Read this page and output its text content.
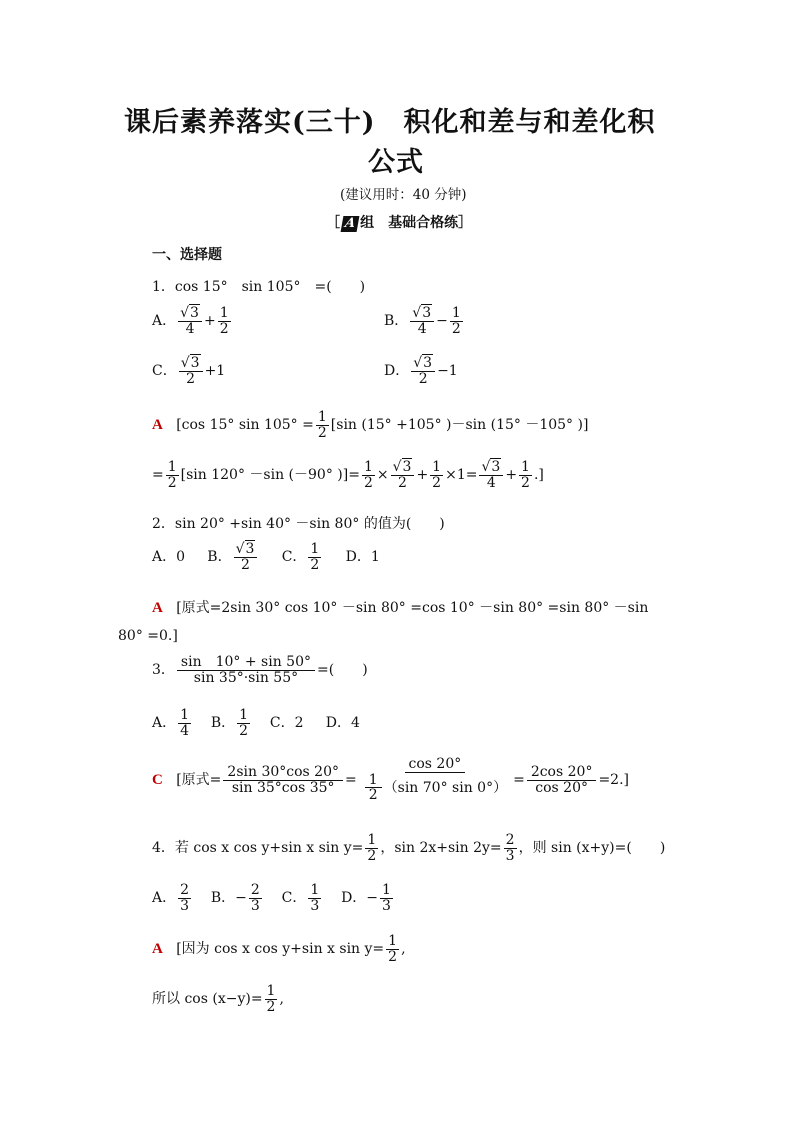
课后素养落实(三十)　积化和差与和差化积
公式
(建议用时：40 分钟)
［ A 组　基础合格练］
一、选择题
1．cos 15°　sin 105°　=(　　)
A． $\frac{√3}{4} + \frac{1}{2}$	B． $\frac{√3}{4} - \frac{1}{2}$
C． $\frac{√3}{2} +1$	D． $\frac{√3}{2} -1$
A [cos 15° $\sin 105^\circ = \frac{1}{2} [\sin$ (15° +105° )－sin (15° －105° )]
= $\frac{1}{2} [\sin$ 120° －sin (－90° )]= $\frac{1}{2} \times \frac{√3}{2} + \frac{1}{2} \times 1= \frac{√3}{4} + \frac{1}{2}$ .]
2．sin 20° +sin 40° －sin 80° 的值为(　　)
A．0 B． $\frac{√3}{2}$ C． $\frac{1}{2}$ D．1
A [原式=2sin 30° cos 10° －sin 80° =cos 10° －sin 80° =sin 80° －sin
80° =0.]
3． $\frac{\sin 10^\circ + \sin 50^\circ}{\sin 35^\circ\cdot\sin 55^\circ}$ =(　　)
A． $\frac{1}{4}$ B． $\frac{1}{2}$ C．2 D．4
C [原式= $\frac{2\sin 30^\circ\cos 20^\circ}{\sin 35^\circ\cos 35^\circ} = \frac{\cos 20^\circ}{\frac{1}{2} (\sin 70^\circ \sin 0^\circ)} = \frac{2\cos 20^\circ}{\cos 20^\circ} =2$.]
4．若 cos x cos y+sin x $\sin y= \frac{1}{2}$ ，sin 2x+sin $2y= \frac{2}{3}$ ，则 sin (x+y)=(　　)
A． $\frac{2}{3}$ B．− $\frac{2}{3}$ C． $\frac{1}{3}$ D．− $\frac{1}{3}$
A [因为 cos x cos y+sin x $\sin y= \frac{1}{2}$ ,
所以 $\cos (x-y)= \frac{1}{2}$ ,
